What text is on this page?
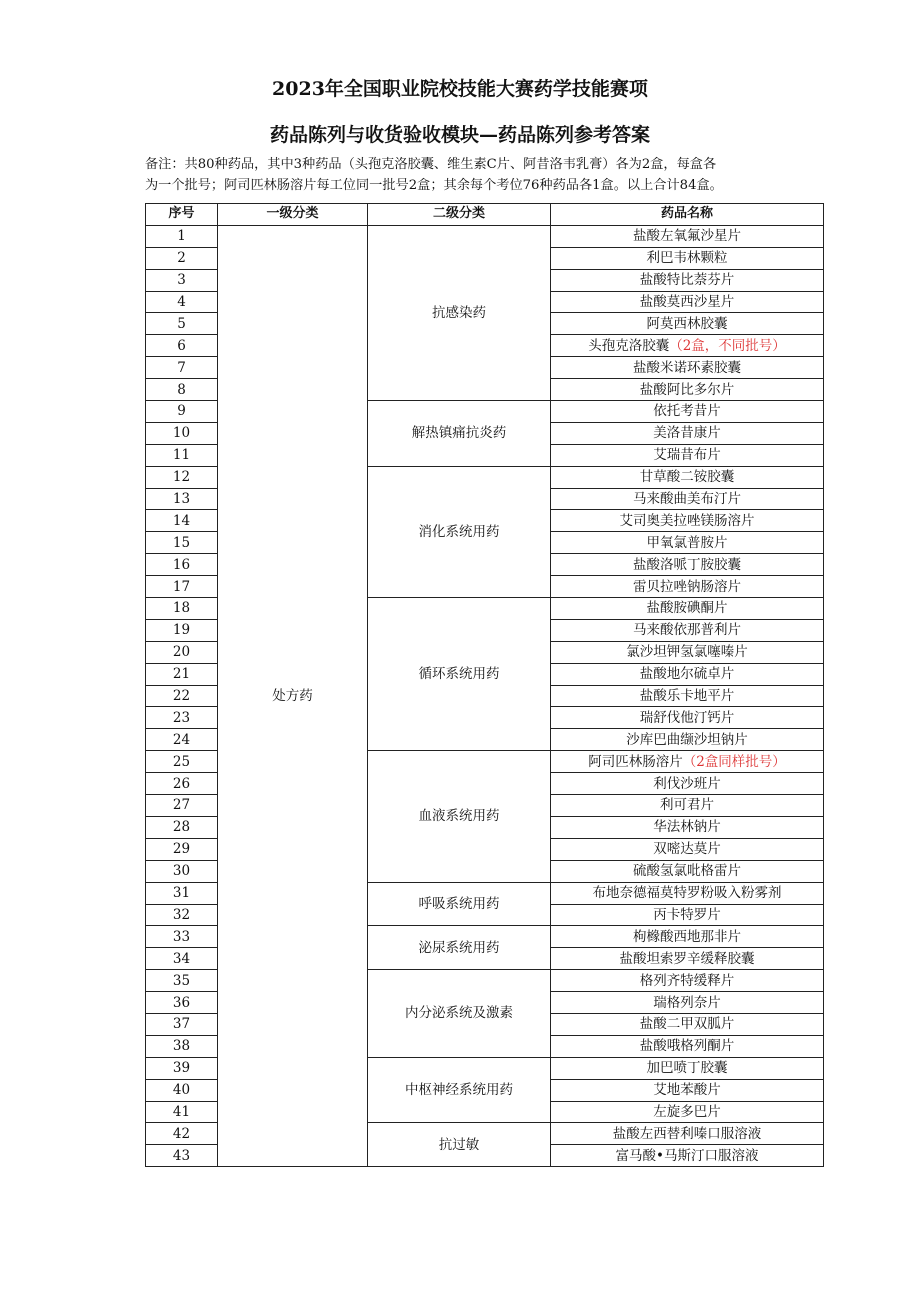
2023年全国职业院校技能大赛药学技能赛项
药品陈列与收货验收模块—药品陈列参考答案

备注：共80种药品，其中3种药品（头孢克洛胶囊、维生素C片、阿昔洛韦乳膏）各为2盒，每盒各

为一个批号；阿司匹林肠溶片每工位同一批号2盒；其余每个考位76种药品各1盒。以上合计84盒。

序号	一级分类	二级分类	药品名称
1	处方药	抗感染药	盐酸左氧氟沙星片
2			利巴韦林颗粒
3			盐酸特比萘芬片
4			盐酸莫西沙星片
5			阿莫西林胶囊
6			头孢克洛胶囊（2盒，不同批号）
7			盐酸米诺环素胶囊
8			盐酸阿比多尔片
9		解热镇痛抗炎药	依托考昔片
10			美洛昔康片
11			艾瑞昔布片
12		消化系统用药	甘草酸二铵胶囊
13			马来酸曲美布汀片
14			艾司奥美拉唑镁肠溶片
15			甲氧氯普胺片
16			盐酸洛哌丁胺胶囊
17			雷贝拉唑钠肠溶片
18		循环系统用药	盐酸胺碘酮片
19			马来酸依那普利片
20			氯沙坦钾氢氯噻嗪片
21			盐酸地尔硫卓片
22			盐酸乐卡地平片
23			瑞舒伐他汀钙片
24			沙库巴曲缬沙坦钠片
25		血液系统用药	阿司匹林肠溶片（2盒同样批号）
26			利伐沙班片
27			利可君片
28			华法林钠片
29			双嘧达莫片
30			硫酸氢氯吡格雷片
31		呼吸系统用药	布地奈德福莫特罗粉吸入粉雾剂
32			丙卡特罗片
33		泌尿系统用药	枸橼酸西地那非片
34			盐酸坦索罗辛缓释胶囊
35		内分泌系统及激素	格列齐特缓释片
36			瑞格列奈片
37			盐酸二甲双胍片
38			盐酸哦格列酮片
39		中枢神经系统用药	加巴喷丁胶囊
40			艾地苯酸片
41			左旋多巴片
42		抗过敏	盐酸左西替利嗪口服溶液
43			富马酸•马斯汀口服溶液
